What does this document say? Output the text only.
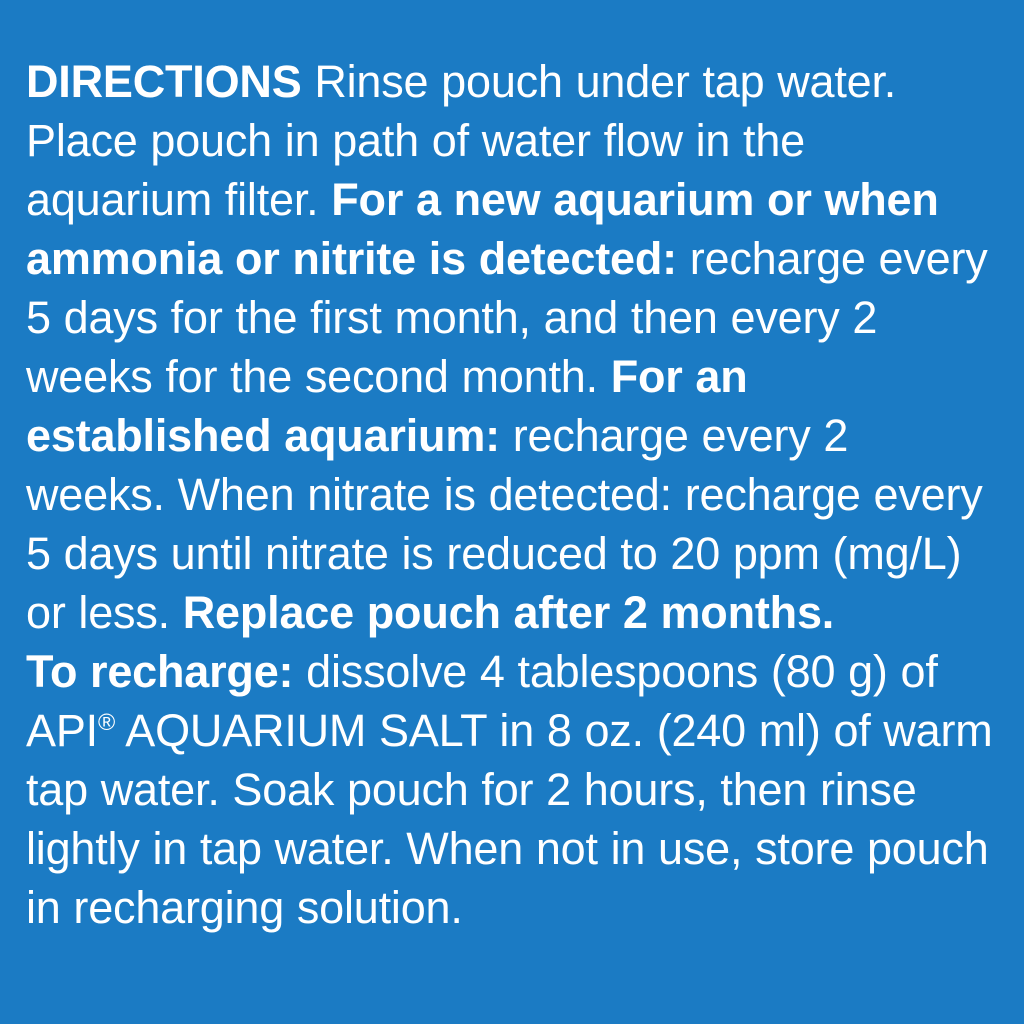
DIRECTIONS Rinse pouch under tap water. Place pouch in path of water flow in the aquarium filter. For a new aquarium or when ammonia or nitrite is detected: recharge every 5 days for the first month, and then every 2 weeks for the second month. For an established aquarium: recharge every 2 weeks. When nitrate is detected: recharge every 5 days until nitrate is reduced to 20 ppm (mg/L) or less. Replace pouch after 2 months.
To recharge: dissolve 4 tablespoons (80 g) of API® AQUARIUM SALT in 8 oz. (240 ml) of warm tap water. Soak pouch for 2 hours, then rinse lightly in tap water. When not in use, store pouch in recharging solution.
